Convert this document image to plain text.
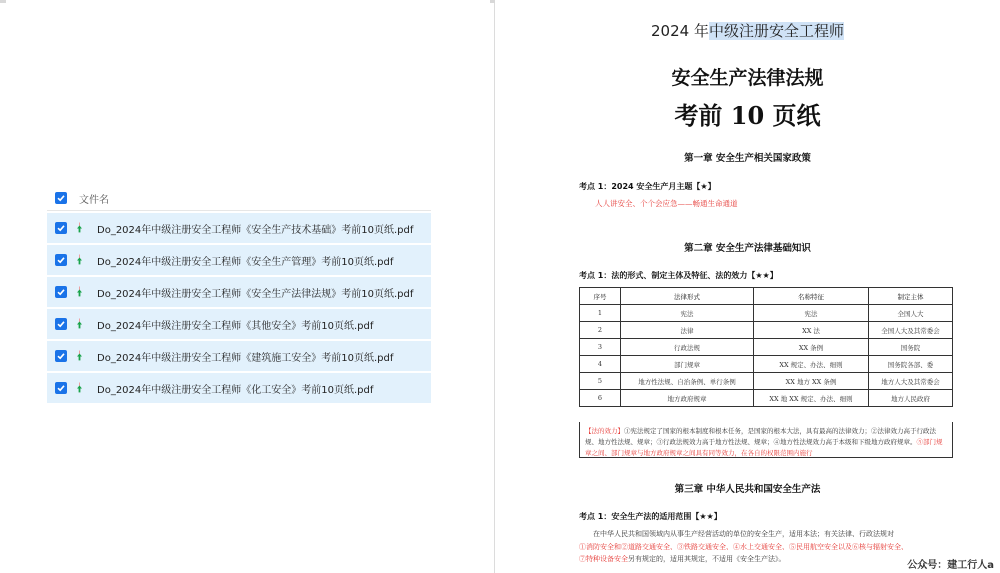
文件名
Do_2024年中级注册安全工程师《安全生产技术基础》考前10页纸.pdf
Do_2024年中级注册安全工程师《安全生产管理》考前10页纸.pdf
Do_2024年中级注册安全工程师《安全生产法律法规》考前10页纸.pdf
Do_2024年中级注册安全工程师《其他安全》考前10页纸.pdf
Do_2024年中级注册安全工程师《建筑施工安全》考前10页纸.pdf
Do_2024年中级注册安全工程师《化工安全》考前10页纸.pdf
2024 年中级注册安全工程师
安全生产法律法规
考前 10 页纸
第一章 安全生产相关国家政策
考点 1：2024 安全生产月主题【★】
人人讲安全、个个会应急——畅通生命通道
第二章 安全生产法律基础知识
考点 1：法的形式、制定主体及特征、法的效力【★★】
序号	法律形式	名称特征	制定主体
1	宪法	宪法	全国人大
2	法律	XX 法	全国人大及其常委会
3	行政法规	XX 条例	国务院
4	部门规章	XX 规定、办法、细则	国务院各部、委
5	地方性法规、自治条例、单行条例	XX 地方 XX 条例	地方人大及其常委会
6	地方政府规章	XX 地 XX 规定、办法、细则	地方人民政府
【法的效力】①宪法规定了国家的根本制度和根本任务，是国家的根本大法，具有最高的法律效力；②法律效力高于行政法规、地方性法规、规章；③行政法规效力高于地方性法规、规章；④地方性法规效力高于本级和下级地方政府规章。⑤部门规章之间、部门规章与地方政府规章之间具有同等效力，在各自的权限范围内施行
第三章 中华人民共和国安全生产法
考点 1：安全生产法的适用范围【★★】
在中华人民共和国领域内从事生产经营活动的单位的安全生产，适用本法；有关法律、行政法规对
①消防安全和②道路交通安全、③铁路交通安全、④水上交通安全、⑤民用航空安全以及⑥核与辐射安全、
⑦特种设备安全另有规定的，适用其规定，不适用《安全生产法》。
公众号：建工行人a
